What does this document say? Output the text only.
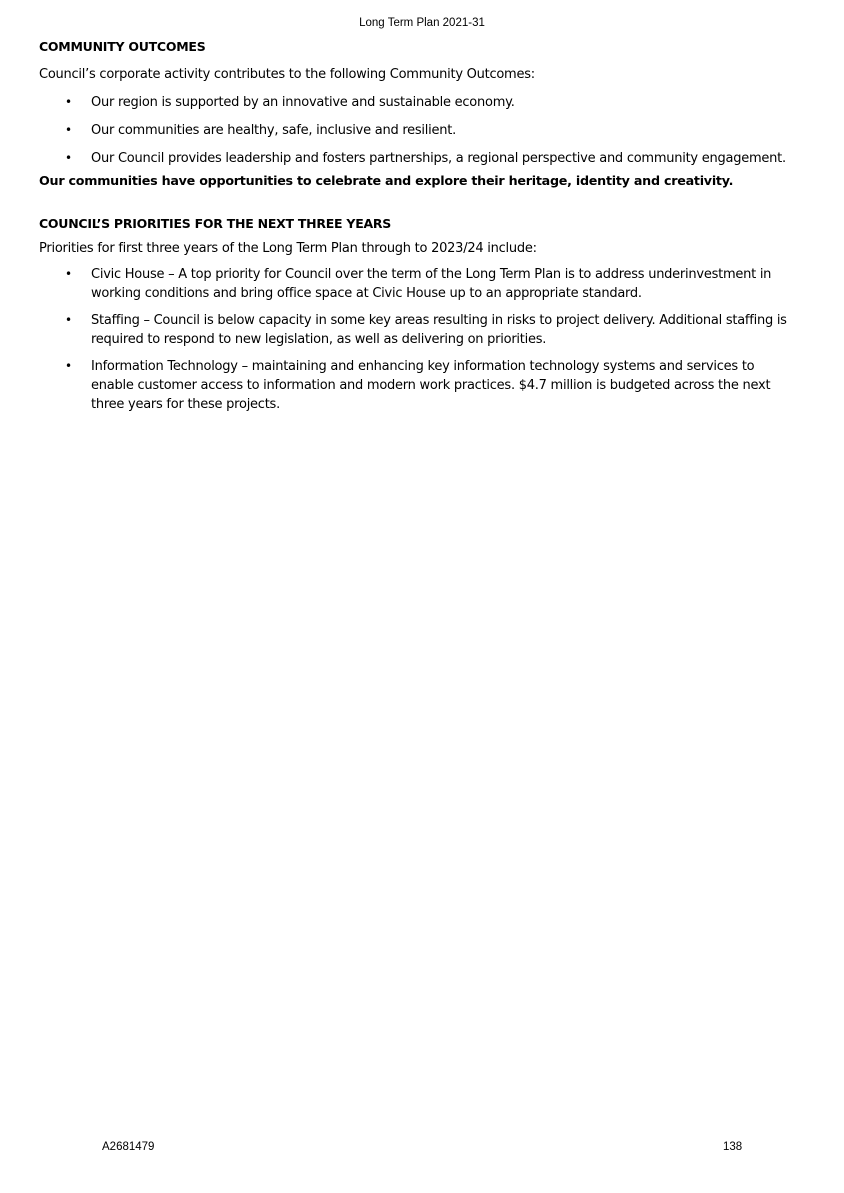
Long Term Plan 2021-31
COMMUNITY OUTCOMES
Council’s corporate activity contributes to the following Community Outcomes:
• Our region is supported by an innovative and sustainable economy.
• Our communities are healthy, safe, inclusive and resilient.
• Our Council provides leadership and fosters partnerships, a regional perspective and community engagement.
Our communities have opportunities to celebrate and explore their heritage, identity and creativity.
COUNCIL’S PRIORITIES FOR THE NEXT THREE YEARS
Priorities for first three years of the Long Term Plan through to 2023/24 include:
• Civic House – A top priority for Council over the term of the Long Term Plan is to address underinvestment in working conditions and bring office space at Civic House up to an appropriate standard.
• Staffing – Council is below capacity in some key areas resulting in risks to project delivery. Additional staffing is required to respond to new legislation, as well as delivering on priorities.
• Information Technology – maintaining and enhancing key information technology systems and services to enable customer access to information and modern work practices. $4.7 million is budgeted across the next three years for these projects.
A2681479	138
